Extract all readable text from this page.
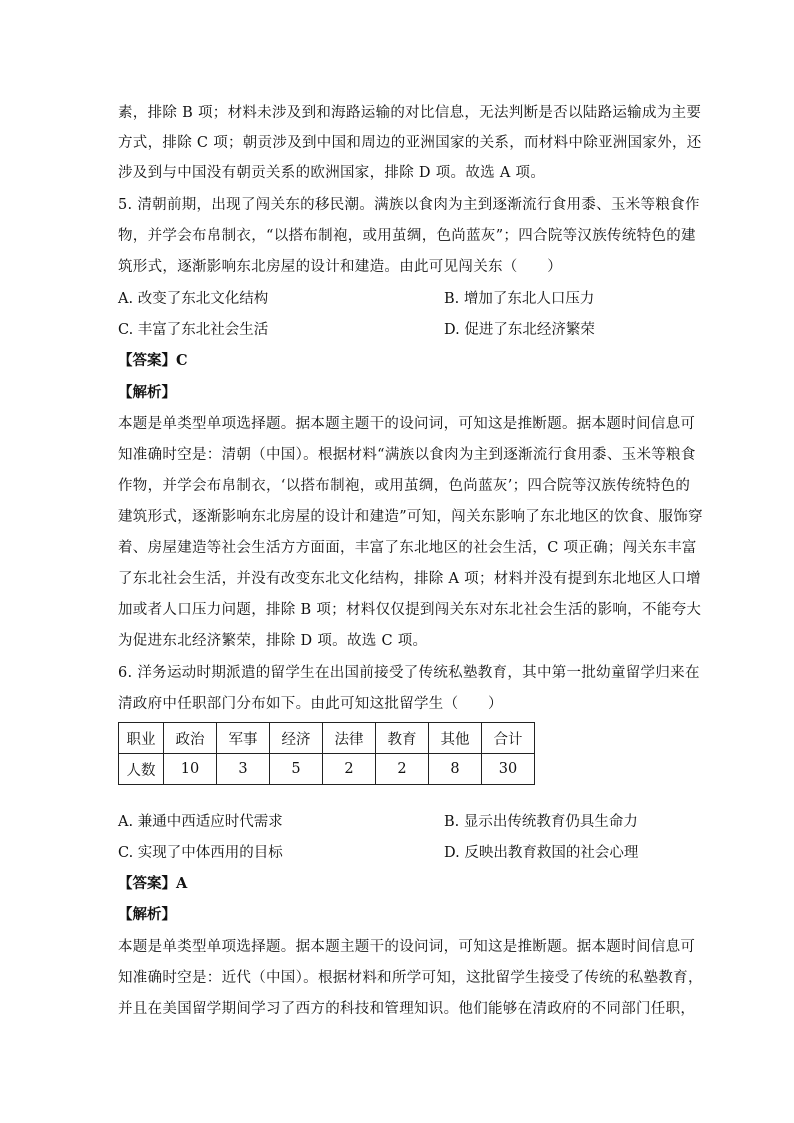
素，排除 B 项；材料未涉及到和海路运输的对比信息，无法判断是否以陆路运输成为主要
方式，排除 C 项；朝贡涉及到中国和周边的亚洲国家的关系，而材料中除亚洲国家外，还
涉及到与中国没有朝贡关系的欧洲国家，排除 D 项。故选 A 项。
5. 清朝前期，出现了闯关东的移民潮。满族以食肉为主到逐渐流行食用黍、玉米等粮食作
物，并学会布帛制衣，“以搭布制袍，或用茧绸，色尚蓝灰”；四合院等汉族传统特色的建
筑形式，逐渐影响东北房屋的设计和建造。由此可见闯关东（　　）
A. 改变了东北文化结构	B. 增加了东北人口压力
C. 丰富了东北社会生活	D. 促进了东北经济繁荣
【答案】C
【解析】
本题是单类型单项选择题。据本题主题干的设问词，可知这是推断题。据本题时间信息可
知准确时空是：清朝（中国）。根据材料“满族以食肉为主到逐渐流行食用黍、玉米等粮食
作物，并学会布帛制衣，‘以搭布制袍，或用茧绸，色尚蓝灰’；四合院等汉族传统特色的
建筑形式，逐渐影响东北房屋的设计和建造”可知，闯关东影响了东北地区的饮食、服饰穿
着、房屋建造等社会生活方方面面，丰富了东北地区的社会生活，C 项正确；闯关东丰富
了东北社会生活，并没有改变东北文化结构，排除 A 项；材料并没有提到东北地区人口增
加或者人口压力问题，排除 B 项；材料仅仅提到闯关东对东北社会生活的影响，不能夸大
为促进东北经济繁荣，排除 D 项。故选 C 项。
6. 洋务运动时期派遣的留学生在出国前接受了传统私塾教育，其中第一批幼童留学归来在
清政府中任职部门分布如下。由此可知这批留学生（　　）
职业	政治	军事	经济	法律	教育	其他	合计
人数	10	3	5	2	2	8	30
A. 兼通中西适应时代需求	B. 显示出传统教育仍具生命力
C. 实现了中体西用的目标	D. 反映出教育救国的社会心理
【答案】A
【解析】
本题是单类型单项选择题。据本题主题干的设问词，可知这是推断题。据本题时间信息可
知准确时空是：近代（中国）。根据材料和所学可知，这批留学生接受了传统的私塾教育，
并且在美国留学期间学习了西方的科技和管理知识。他们能够在清政府的不同部门任职，
